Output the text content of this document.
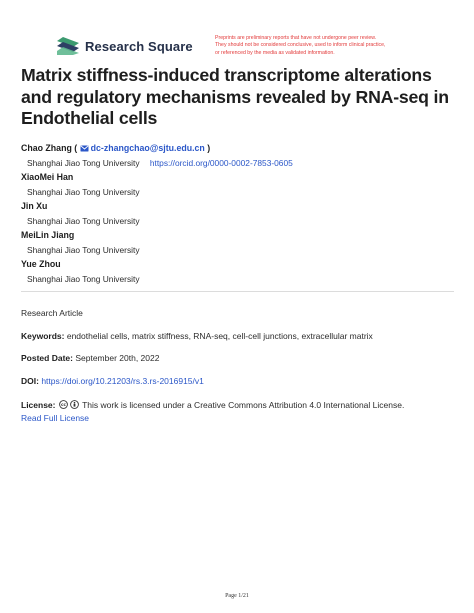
Research Square
Preprints are preliminary reports that have not undergone peer review.
They should not be considered conclusive, used to inform clinical practice,
or referenced by the media as validated information.
Matrix stiffness-induced transcriptome alterations and regulatory mechanisms revealed by RNA-seq in Endothelial cells
Chao Zhang ( dc-zhangchao@sjtu.edu.cn )
Shanghai Jiao Tong University https://orcid.org/0000-0002-7853-0605
XiaoMei Han
Shanghai Jiao Tong University
Jin Xu
Shanghai Jiao Tong University
MeiLin Jiang
Shanghai Jiao Tong University
Yue Zhou
Shanghai Jiao Tong University
Research Article
Keywords: endothelial cells, matrix stiffness, RNA-seq, cell-cell junctions, extracellular matrix
Posted Date: September 20th, 2022
DOI: https://doi.org/10.21203/rs.3.rs-2016915/v1
License: cc This work is licensed under a Creative Commons Attribution 4.0 International License.
Read Full License
Page 1/21
